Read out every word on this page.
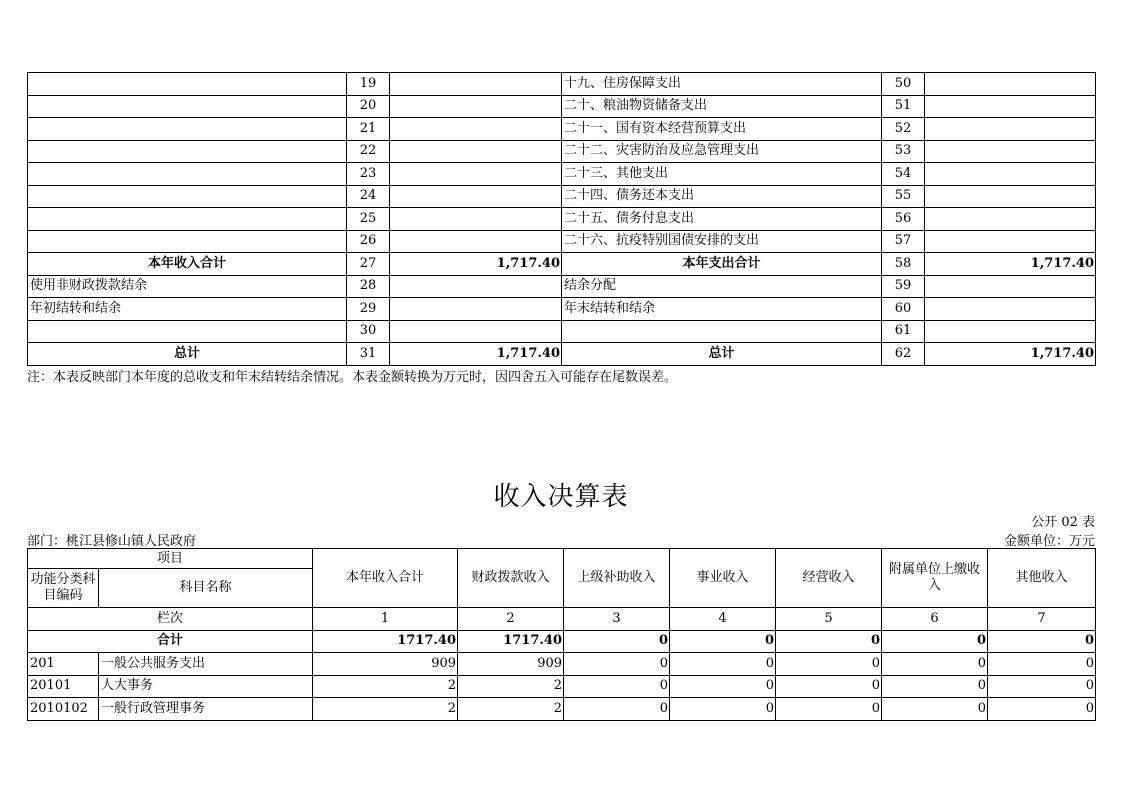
	19		十九、住房保障支出	50	
	20		二十、粮油物资储备支出	51	
	21		二十一、国有资本经营预算支出	52	
	22		二十二、灾害防治及应急管理支出	53	
	23		二十三、其他支出	54	
	24		二十四、债务还本支出	55	
	25		二十五、债务付息支出	56	
	26		二十六、抗疫特别国债安排的支出	57	
本年收入合计	27	1,717.40	本年支出合计	58	1,717.40
使用非财政拨款结余	28		结余分配	59	
年初结转和结余	29		年末结转和结余	60	
	30			61	
总计	31	1,717.40	总计	62	1,717.40
注：本表反映部门本年度的总收支和年末结转结余情况。本表金额转换为万元时，因四舍五入可能存在尾数误差。
收入决算表
公开 02 表
部门：桃江县修山镇人民政府	金额单位：万元
项目		本年收入合计	财政拨款收入	上级补助收入	事业收入	经营收入	附属单位上缴收入	其他收入
功能分类科目编码	科目名称							
栏次		1	2	3	4	5	6	7
合计		1717.40	1717.40	0	0	0	0	0
201	一般公共服务支出	909	909	0	0	0	0	0
20101	人大事务	2	2	0	0	0	0	0
2010102	一般行政管理事务	2	2	0	0	0	0	0
